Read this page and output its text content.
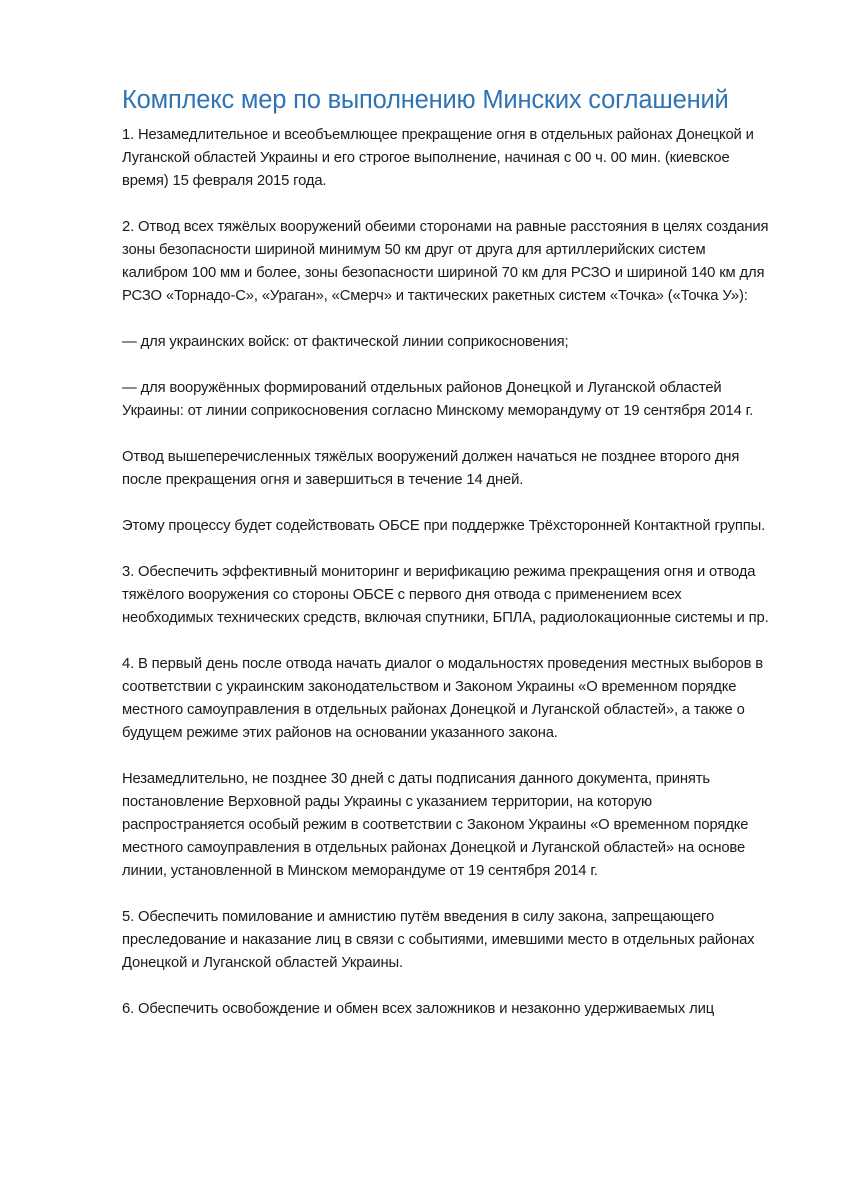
Комплекс мер по выполнению Минских соглашений

1. Незамедлительное и всеобъемлющее прекращение огня в отдельных районах Донецкой и Луганской областей Украины и его строгое выполнение, начиная с 00 ч. 00 мин. (киевское время) 15 февраля 2015 года.

2. Отвод всех тяжёлых вооружений обеими сторонами на равные расстояния в целях создания зоны безопасности шириной минимум 50 км друг от друга для артиллерийских систем калибром 100 мм и более, зоны безопасности шириной 70 км для РСЗО и шириной 140 км для РСЗО «Торнадо-С», «Ураган», «Смерч» и тактических ракетных систем «Точка» («Точка У»):

— для украинских войск: от фактической линии соприкосновения;

— для вооружённых формирований отдельных районов Донецкой и Луганской областей Украины: от линии соприкосновения согласно Минскому меморандуму от 19 сентября 2014 г.

Отвод вышеперечисленных тяжёлых вооружений должен начаться не позднее второго дня после прекращения огня и завершиться в течение 14 дней.

Этому процессу будет содействовать ОБСЕ при поддержке Трёхсторонней Контактной группы.

3. Обеспечить эффективный мониторинг и верификацию режима прекращения огня и отвода тяжёлого вооружения со стороны ОБСЕ с первого дня отвода с применением всех необходимых технических средств, включая спутники, БПЛА, радиолокационные системы и пр.

4. В первый день после отвода начать диалог о модальностях проведения местных выборов в соответствии с украинским законодательством и Законом Украины «О временном порядке местного самоуправления в отдельных районах Донецкой и Луганской областей», а также о будущем режиме этих районов на основании указанного закона.

Незамедлительно, не позднее 30 дней с даты подписания данного документа, принять постановление Верховной рады Украины с указанием территории, на которую распространяется особый режим в соответствии с Законом Украины «О временном порядке местного самоуправления в отдельных районах Донецкой и Луганской областей» на основе линии, установленной в Минском меморандуме от 19 сентября 2014 г.

5. Обеспечить помилование и амнистию путём введения в силу закона, запрещающего преследование и наказание лиц в связи с событиями, имевшими место в отдельных районах Донецкой и Луганской областей Украины.

6. Обеспечить освобождение и обмен всех заложников и незаконно удерживаемых лиц
